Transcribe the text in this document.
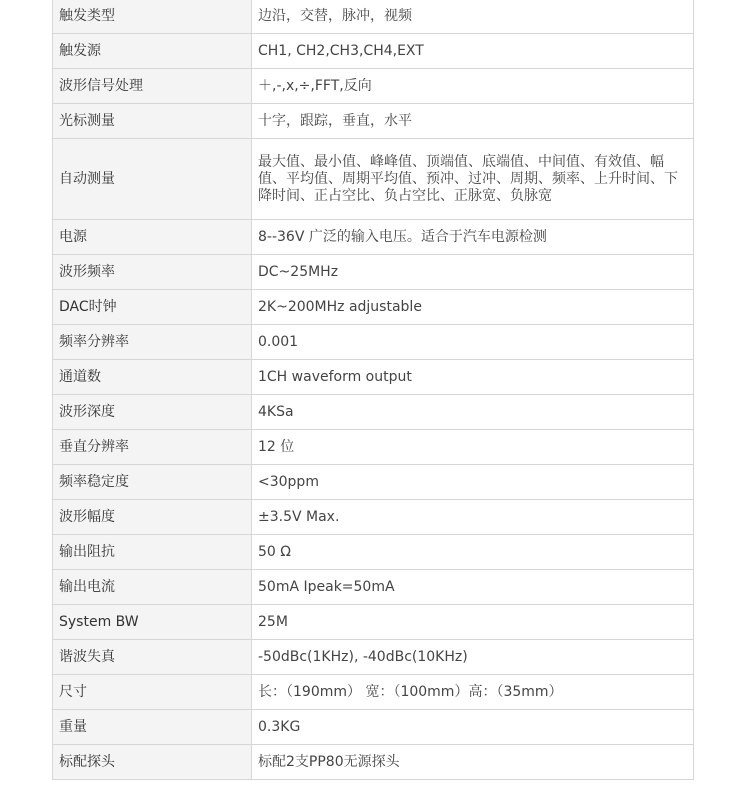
触发类型	边沿，交替，脉冲，视频
触发源	CH1, CH2,CH3,CH4,EXT
波形信号处理	＋,-,x,÷,FFT,反向
光标测量	十字，跟踪，垂直，水平
自动测量	最大值、最小值、峰峰值、顶端值、底端值、中间值、有效值、幅值、平均值、周期平均值、预冲、过冲、周期、频率、上升时间、下降时间、正占空比、负占空比、正脉宽、负脉宽
电源	8--36V 广泛的输入电压。适合于汽车电源检测
波形频率	DC~25MHz
DAC时钟	2K~200MHz adjustable
频率分辨率	0.001
通道数	1CH waveform output
波形深度	4KSa
垂直分辨率	12 位
频率稳定度	<30ppm
波形幅度	±3.5V Max.
输出阻抗	50 Ω
输出电流	50mA Ipeak=50mA
System BW	25M
谐波失真	-50dBc(1KHz), -40dBc(10KHz)
尺寸	长：（190mm） 宽：（100mm）高：（35mm）
重量	0.3KG
标配探头	标配2支PP80无源探头
